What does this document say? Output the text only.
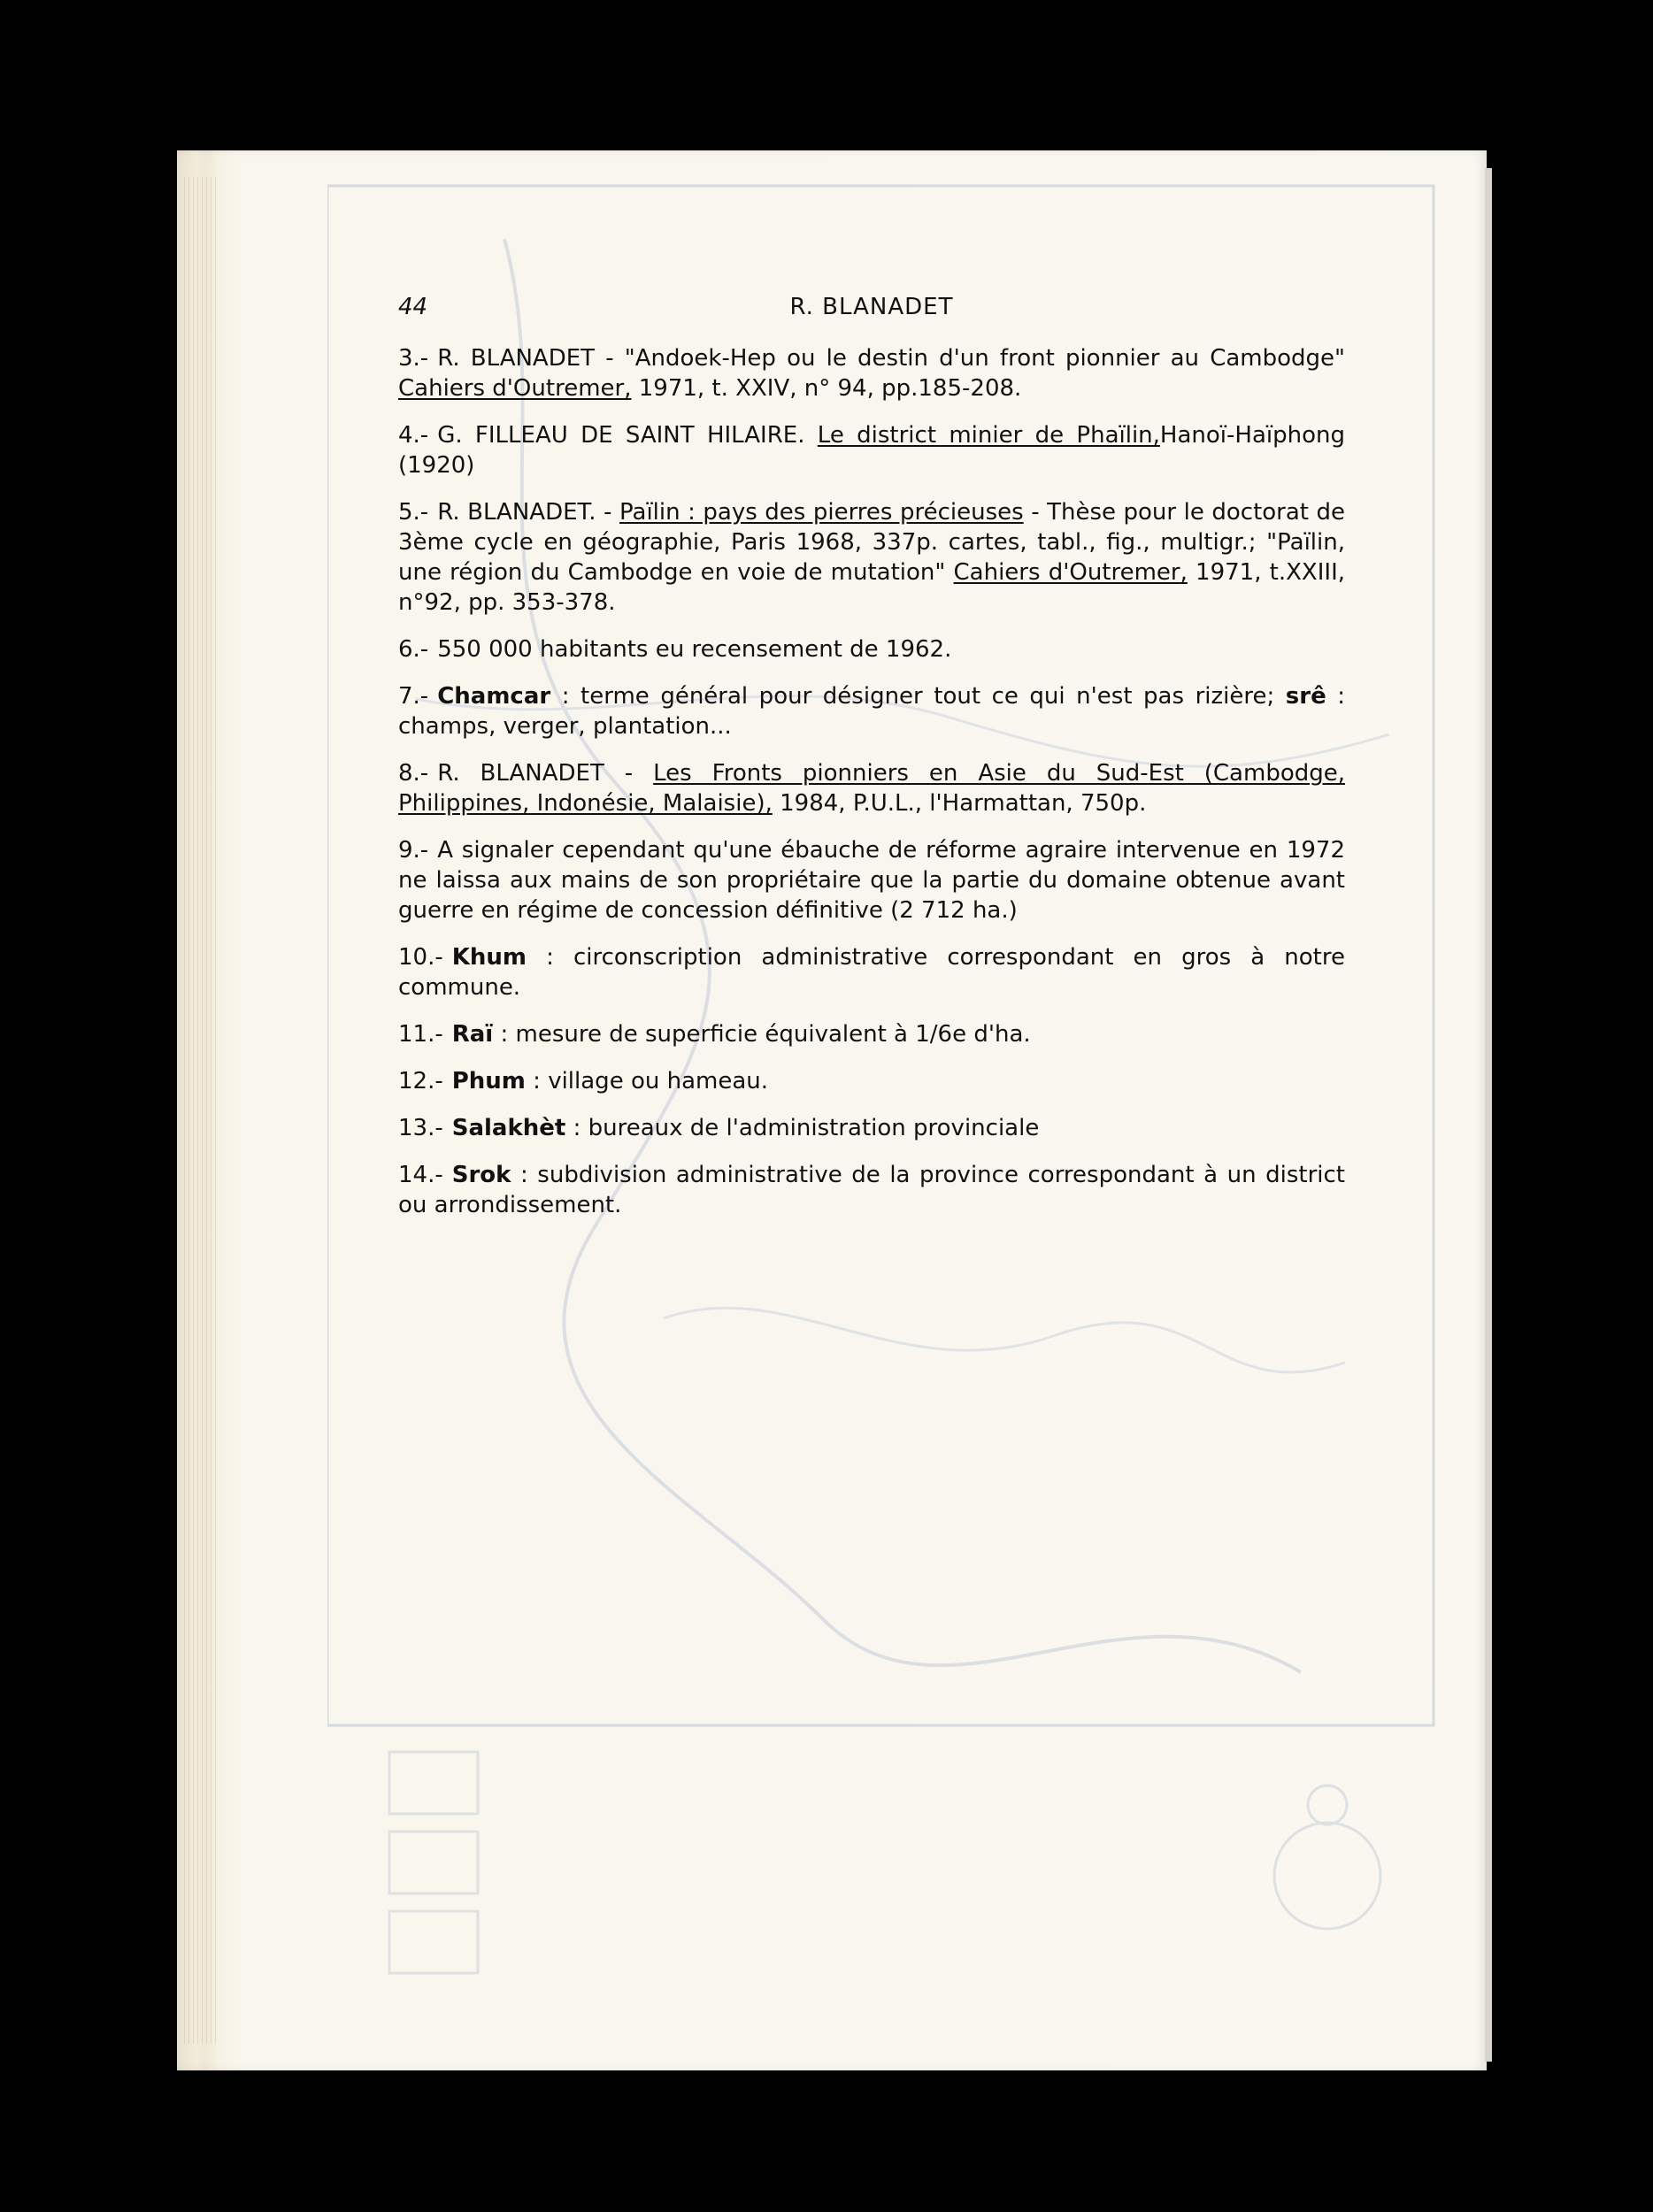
44	R. BLANADET

3.- R. BLANADET - "Andoek-Hep ou le destin d'un front pionnier au Cambodge" Cahiers d'Outremer, 1971, t. XXIV, n° 94, pp.185-208.

4.- G. FILLEAU DE SAINT HILAIRE. Le district minier de Phaïlin,Hanoï-Haïphong (1920)

5.- R. BLANADET. - Païlin : pays des pierres précieuses - Thèse pour le doctorat de 3ème cycle en géographie, Paris 1968, 337p. cartes, tabl., fig., multigr.; "Païlin, une région du Cambodge en voie de mutation" Cahiers d'Outremer, 1971, t.XXIII, n°92, pp. 353-378.

6.- 550 000 habitants eu recensement de 1962.

7.- Chamcar : terme général pour désigner tout ce qui n'est pas rizière; srê : champs, verger, plantation...

8.- R. BLANADET - Les Fronts pionniers en Asie du Sud-Est (Cambodge, Philippines, Indonésie, Malaisie), 1984, P.U.L., l'Harmattan, 750p.

9.- A signaler cependant qu'une ébauche de réforme agraire intervenue en 1972 ne laissa aux mains de son propriétaire que la partie du domaine obtenue avant guerre en régime de concession définitive (2 712 ha.)

10.- Khum : circonscription administrative correspondant en gros à notre commune.

11.- Raï : mesure de superficie équivalent à 1/6e d'ha.

12.- Phum : village ou hameau.

13.- Salakhèt : bureaux de l'administration provinciale

14.- Srok : subdivision administrative de la province correspondant à un district ou arrondissement.
